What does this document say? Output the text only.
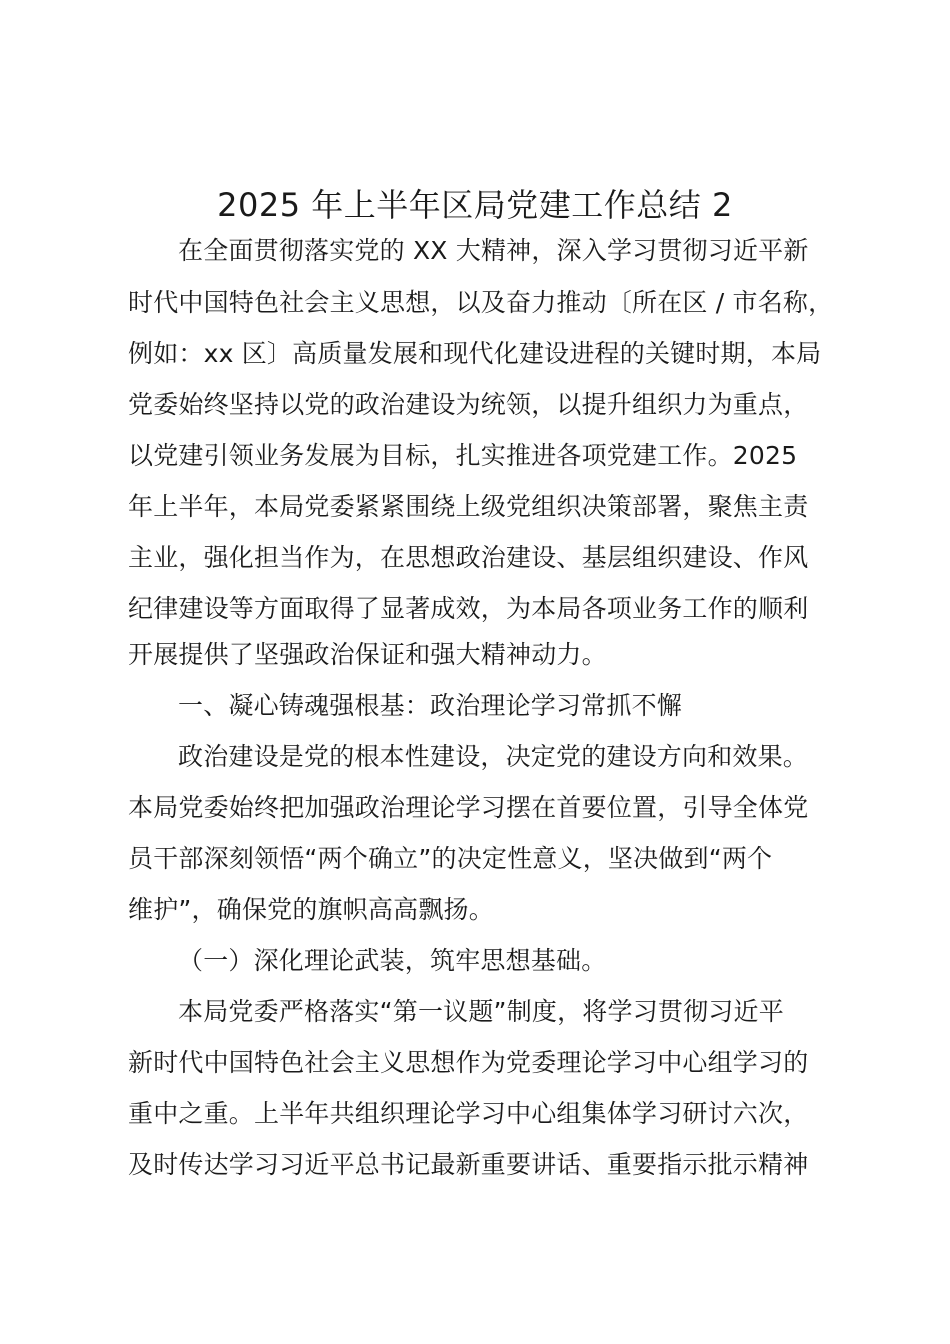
2025 年上半年区局党建工作总结 2
在全面贯彻落实党的 XX 大精神，深入学习贯彻习近平新
时代中国特色社会主义思想，以及奋力推动〔所在区 / 市名称，
例如：xx 区〕高质量发展和现代化建设进程的关键时期，本局
党委始终坚持以党的政治建设为统领，以提升组织力为重点，
以党建引领业务发展为目标，扎实推进各项党建工作。2025
年上半年，本局党委紧紧围绕上级党组织决策部署，聚焦主责
主业，强化担当作为，在思想政治建设、基层组织建设、作风
纪律建设等方面取得了显著成效，为本局各项业务工作的顺利
开展提供了坚强政治保证和强大精神动力。
一、凝心铸魂强根基：政治理论学习常抓不懈
政治建设是党的根本性建设，决定党的建设方向和效果。
本局党委始终把加强政治理论学习摆在首要位置，引导全体党
员干部深刻领悟“两个确立”的决定性意义，坚决做到“两个
维护”，确保党的旗帜高高飘扬。
（一）深化理论武装，筑牢思想基础。
本局党委严格落实“第一议题”制度，将学习贯彻习近平
新时代中国特色社会主义思想作为党委理论学习中心组学习的
重中之重。上半年共组织理论学习中心组集体学习研讨六次，
及时传达学习习近平总书记最新重要讲话、重要指示批示精神
